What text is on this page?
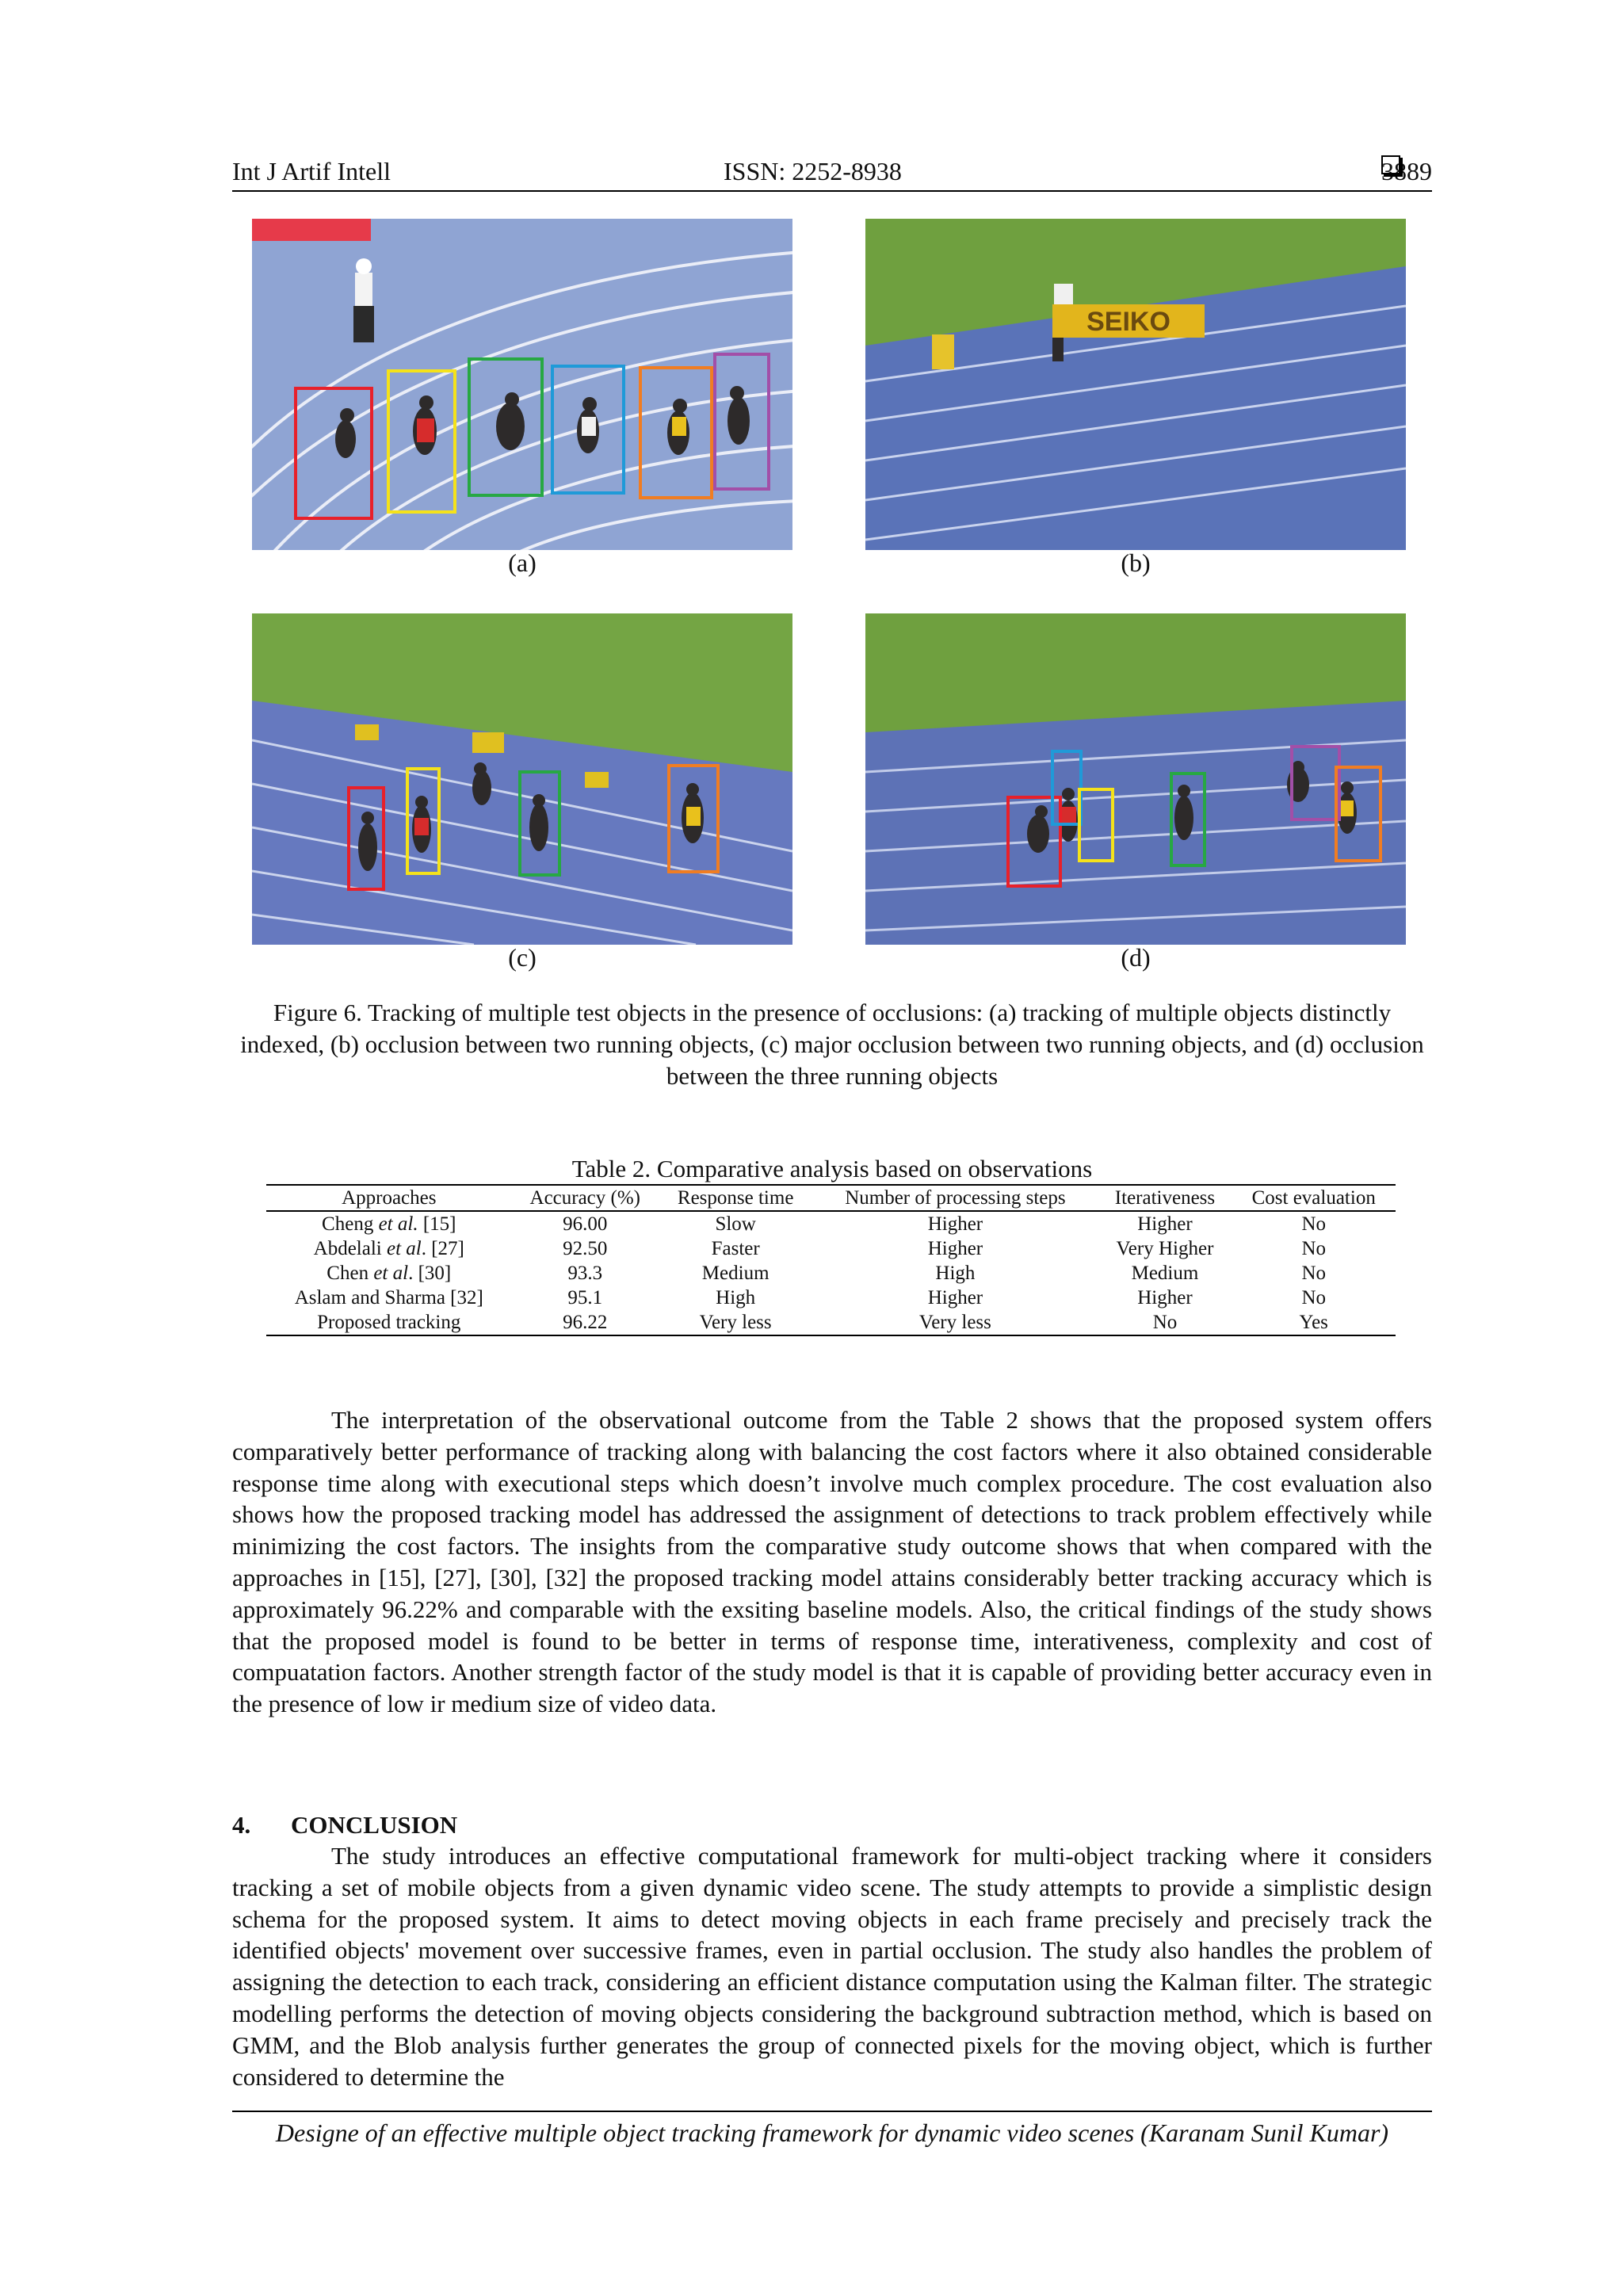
Int J Artif Intell	ISSN: 2252-8938	3889
(a)
SEIKO
(b)
(c)	(d)
Figure 6. Tracking of multiple test objects in the presence of occlusions: (a) tracking of multiple objects distinctly indexed, (b) occlusion between two running objects, (c) major occlusion between two running objects, and (d) occlusion between the three running objects
Table 2. Comparative analysis based on observations
Approaches	Accuracy (%)	Response time	Number of processing steps	Iterativeness	Cost evaluation
Cheng et al. [15]	96.00	Slow	Higher	Higher	No
Abdelali et al. [27]	92.50	Faster	Higher	Very Higher	No
Chen et al. [30]	93.3	Medium	High	Medium	No
Aslam and Sharma [32]	95.1	High	Higher	Higher	No
Proposed tracking	96.22	Very less	Very less	No	Yes

The interpretation of the observational outcome from the Table 2 shows that the proposed system offers comparatively better performance of tracking along with balancing the cost factors where it also obtained considerable response time along with executional steps which doesn’t involve much complex procedure. The cost evaluation also shows how the proposed tracking model has addressed the assignment of detections to track problem effectively while minimizing the cost factors. The insights from the comparative study outcome shows that when compared with the approaches in [15], [27], [30], [32] the proposed tracking model attains considerably better tracking accuracy which is approximately 96.22% and comparable with the exsiting baseline models. Also, the critical findings of the study shows that the proposed model is found to be better in terms of response time, interativeness, complexity and cost of compuatation factors. Another strength factor of the study model is that it is capable of providing better accuracy even in the presence of low ir medium size of video data.

4. CONCLUSION

The study introduces an effective computational framework for multi-object tracking where it considers tracking a set of mobile objects from a given dynamic video scene. The study attempts to provide a simplistic design schema for the proposed system. It aims to detect moving objects in each frame precisely and precisely track the identified objects' movement over successive frames, even in partial occlusion. The study also handles the problem of assigning the detection to each track, considering an efficient distance computation using the Kalman filter. The strategic modelling performs the detection of moving objects considering the background subtraction method, which is based on GMM, and the Blob analysis further generates the group of connected pixels for the moving object, which is further considered to determine the

Designe of an effective multiple object tracking framework for dynamic video scenes (Karanam Sunil Kumar)
